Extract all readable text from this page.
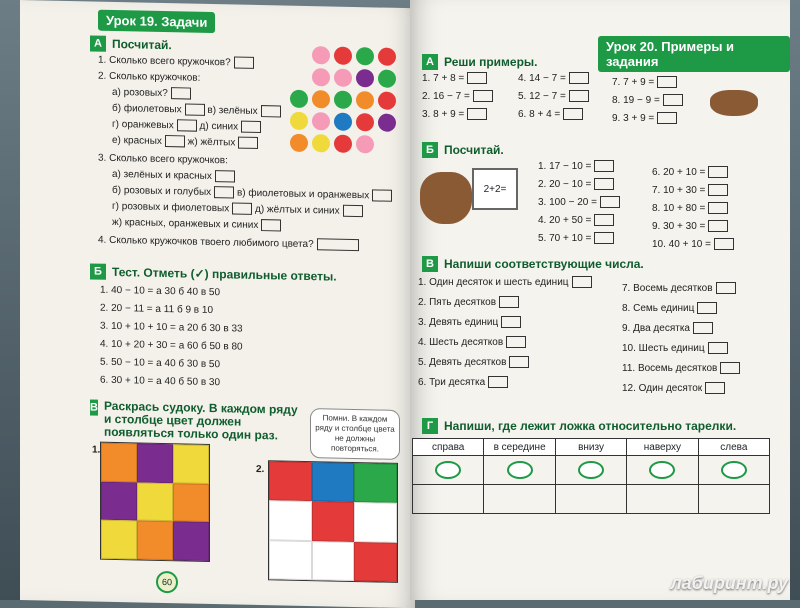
Урок 19. Задачи
А Посчитай.
1. Сколько всего кружочков?
2. Сколько кружочков:
а) розовых?
б) фиолетовых	в) зелёных
г) оранжевых	д) синих
е) красных	ж) жёлтых
3. Сколько всего кружочков:
а) зелёных и красных
б) розовых и голубых	в) фиолетовых и оранжевых
г) розовых и фиолетовых	д) жёлтых и синих
ж) красных, оранжевых и синих
4. Сколько кружочков твоего любимого цвета?
Б Тест. Отметь (✓) правильные ответы.
1. 40 − 10 = а 30 б 40 в 50
2. 20 − 11 = а 11 б 9 в 10
3. 10 + 10 + 10 = а 20 б 30 в 33
4. 10 + 20 + 30 = а 60 б 50 в 80
5. 50 − 10 = а 40 б 30 в 50
6. 30 + 10 = а 40 б 50 в 30
В Раскрась судоку. В каждом ряду и столбце цвет должен появляться только один раз.
Помни. В каждом ряду и столбце цвета не должны повторяться.
1.
2.
60
Урок 20. Примеры и задания
А Реши примеры.
1. 7 + 8 =
2. 16 − 7 =
3. 8 + 9 =
4. 14 − 7 =
5. 12 − 7 =
6. 8 + 4 =
7. 7 + 9 =
8. 19 − 9 =
9. 3 + 9 =
Б Посчитай.
2+2=
1. 17 − 10 =
2. 20 − 10 =
3. 100 − 20 =
4. 20 + 50 =
5. 70 + 10 =
6. 20 + 10 =
7. 10 + 30 =
8. 10 + 80 =
9. 30 + 30 =
10. 40 + 10 =
В Напиши соответствующие числа.
1. Один десяток и шесть единиц
2. Пять десятков
3. Девять единиц
4. Шесть десятков
5. Девять десятков
6. Три десятка
7. Восемь десятков
8. Семь единиц
9. Два десятка
10. Шесть единиц
11. Восемь десятков
12. Один десяток
Г Напиши, где лежит ложка относительно тарелки.
справа	в середине	внизу	наверху	слева
лабиринт.ру
